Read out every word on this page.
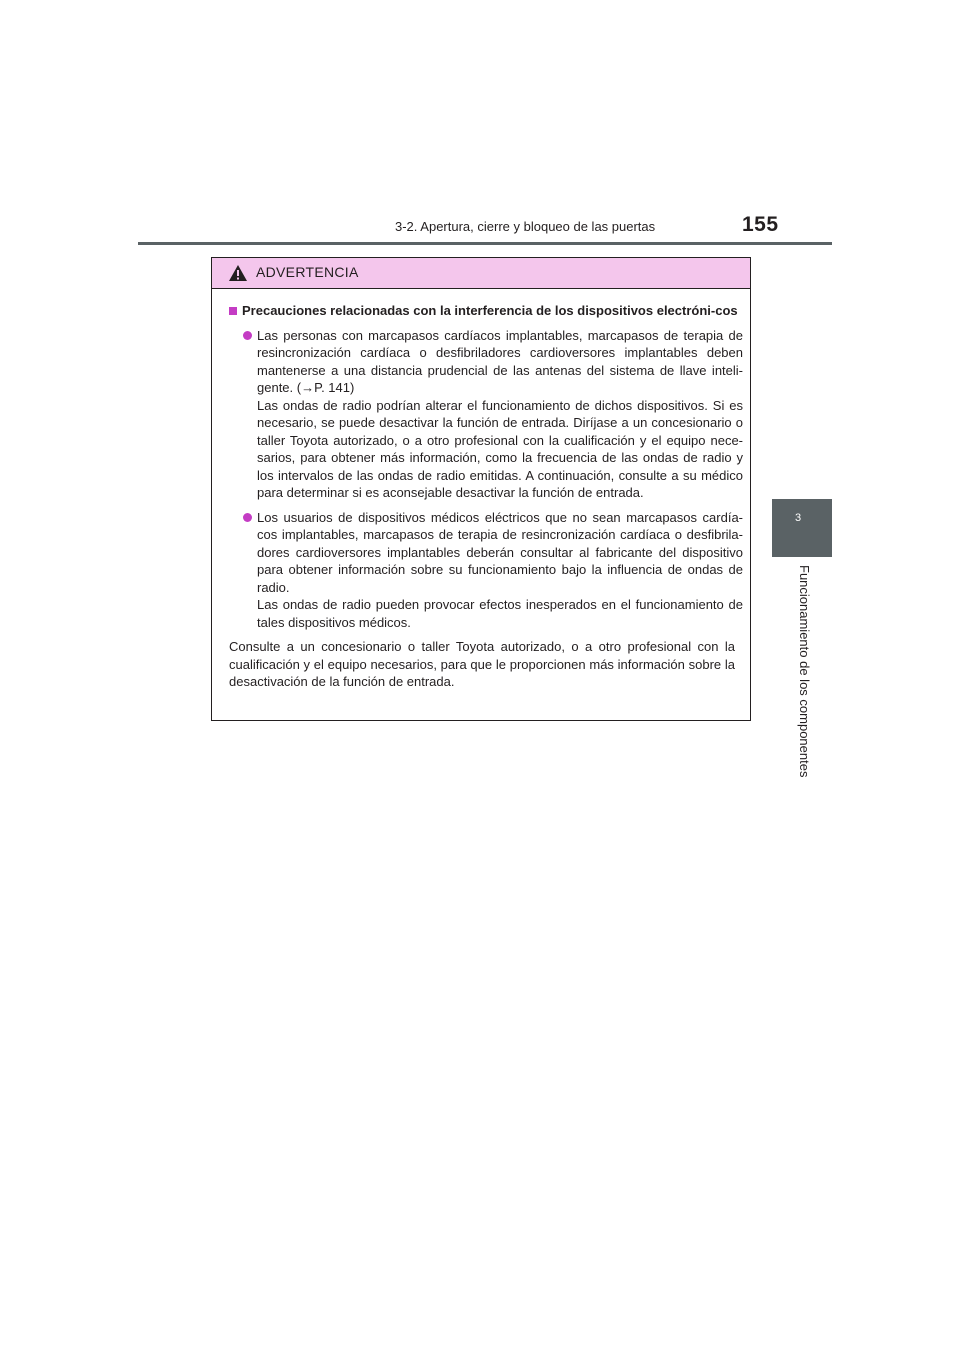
3-2. Apertura, cierre y bloqueo de las puertas	155
3
Funcionamiento de los componentes
ADVERTENCIA
Precauciones relacionadas con la interferencia de los dispositivos electróni-cos
Las personas con marcapasos cardíacos implantables, marcapasos de terapia de resincronización cardíaca o desfibriladores cardioversores implantables deben mantenerse a una distancia prudencial de las antenas del sistema de llave inteli-gente. (→P. 141)
Las ondas de radio podrían alterar el funcionamiento de dichos dispositivos. Si es necesario, se puede desactivar la función de entrada. Diríjase a un concesionario o taller Toyota autorizado, o a otro profesional con la cualificación y el equipo nece-sarios, para obtener más información, como la frecuencia de las ondas de radio y los intervalos de las ondas de radio emitidas. A continuación, consulte a su médico para determinar si es aconsejable desactivar la función de entrada.
Los usuarios de dispositivos médicos eléctricos que no sean marcapasos cardía-cos implantables, marcapasos de terapia de resincronización cardíaca o desfibrila-dores cardioversores implantables deberán consultar al fabricante del dispositivo para obtener información sobre su funcionamiento bajo la influencia de ondas de radio.
Las ondas de radio pueden provocar efectos inesperados en el funcionamiento de tales dispositivos médicos.
Consulte a un concesionario o taller Toyota autorizado, o a otro profesional con la cualificación y el equipo necesarios, para que le proporcionen más información sobre la desactivación de la función de entrada.
